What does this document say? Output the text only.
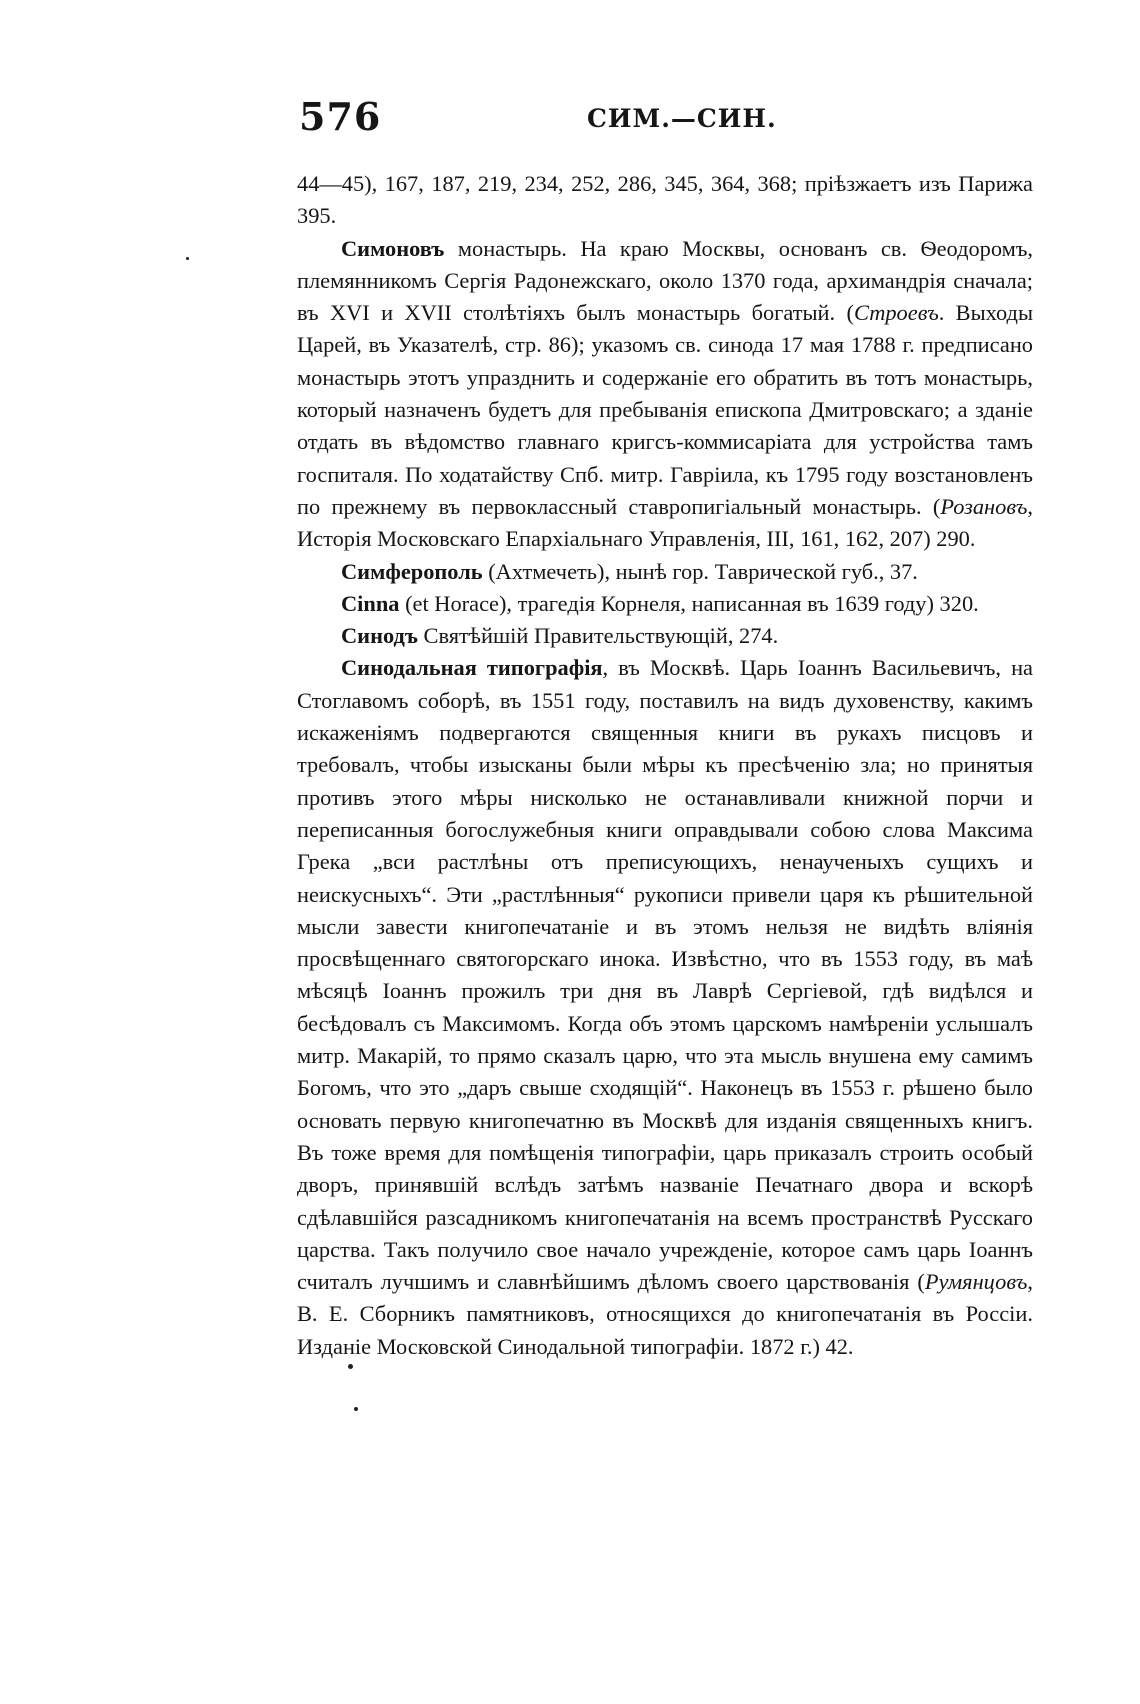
576	СИМ.—СИН.

44—45), 167, 187, 219, 234, 252, 286, 345, 364, 368; пріѣзжаетъ изъ Парижа 395.

Симоновъ монастырь. На краю Москвы, основанъ св. Ѳеодоромъ, племянникомъ Сергія Радонежскаго, около 1370 года, архимандрія сначала; въ XVI и XVII столѣтіяхъ былъ монастырь богатый. (Строевъ. Выходы Царей, въ Указателѣ, стр. 86); указомъ св. синода 17 мая 1788 г. предписано монастырь этотъ упразднить и содержаніе его обратить въ тотъ монастырь, который назначенъ будетъ для пребыванія епископа Дмитровскаго; а зданіе отдать въ вѣдомство главнаго кригсъ-коммисаріата для устройства тамъ госпиталя. По ходатайству Спб. митр. Гавріила, къ 1795 году возстановленъ по прежнему въ первоклассный ставропигіальный монастырь. (Розановъ, Исторія Московскаго Епархіальнаго Управленія, III, 161, 162, 207) 290.

Симферополь (Ахтмечеть), нынѣ гор. Таврической губ., 37.

Cinna (et Horace), трагедія Корнеля, написанная въ 1639 году) 320.

Синодъ Святѣйшій Правительствующій, 274.

Синодальная типографія, въ Москвѣ. Царь Іоаннъ Васильевичъ, на Стоглавомъ соборѣ, въ 1551 году, поставилъ на видъ духовенству, какимъ искаженіямъ подвергаются священныя книги въ рукахъ писцовъ и требовалъ, чтобы изысканы были мѣры къ пресѣченію зла; но принятыя противъ этого мѣры нисколько не останавливали книжной порчи и переписанныя богослужебныя книги оправдывали собою слова Максима Грека „вси растлѣны отъ преписующихъ, ненаученыхъ сущихъ и неискусныхъ“. Эти „растлѣнныя“ рукописи привели царя къ рѣшительной мысли завести книгопечатаніе и въ этомъ нельзя не видѣть вліянія просвѣщеннаго святогорскаго инока. Извѣстно, что въ 1553 году, въ маѣ мѣсяцѣ Іоаннъ прожилъ три дня въ Лаврѣ Сергіевой, гдѣ видѣлся и бесѣдовалъ съ Максимомъ. Когда объ этомъ царскомъ намѣреніи услышалъ митр. Макарій, то прямо сказалъ царю, что эта мысль внушена ему самимъ Богомъ, что это „даръ свыше сходящій“. Наконецъ въ 1553 г. рѣшено было основать первую книгопечатню въ Москвѣ для изданія священныхъ книгъ. Въ тоже время для помѣщенія типографіи, царь приказалъ строить особый дворъ, принявшій вслѣдъ затѣмъ названіе Печатнаго двора и вскорѣ сдѣлавшійся разсадникомъ книгопечатанія на всемъ пространствѣ Русскаго царства. Такъ получило свое начало учрежденіе, которое самъ царь Іоаннъ считалъ лучшимъ и славнѣйшимъ дѣломъ своего царствованія (Румянцовъ, В. Е. Сборникъ памятниковъ, относящихся до книгопечатанія въ Россіи. Изданіе Московской Синодальной типографіи. 1872 г.) 42.
